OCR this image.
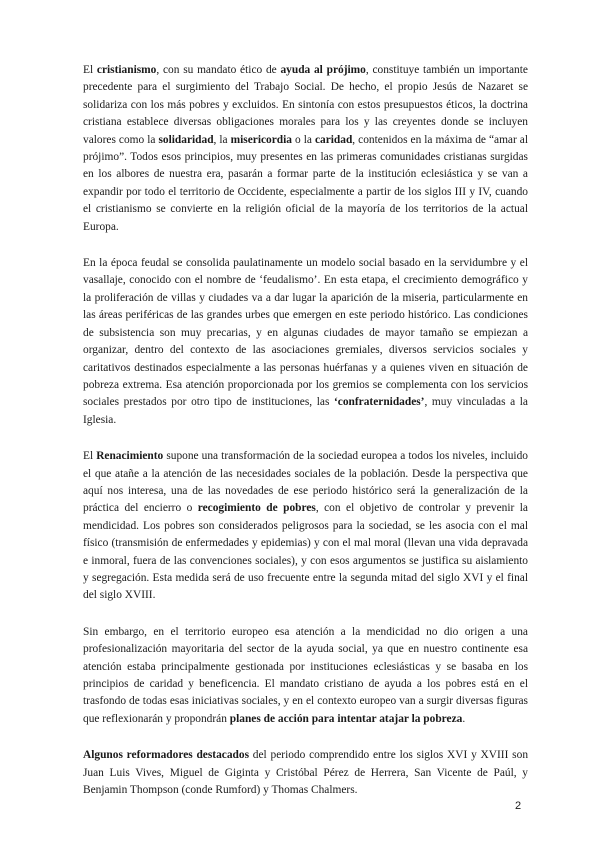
El cristianismo, con su mandato ético de ayuda al prójimo, constituye también un importante precedente para el surgimiento del Trabajo Social. De hecho, el propio Jesús de Nazaret se solidariza con los más pobres y excluidos. En sintonía con estos presupuestos éticos, la doctrina cristiana establece diversas obligaciones morales para los y las creyentes donde se incluyen valores como la solidaridad, la misericordia o la caridad, contenidos en la máxima de “amar al prójimo”. Todos esos principios, muy presentes en las primeras comunidades cristianas surgidas en los albores de nuestra era, pasarán a formar parte de la institución eclesiástica y se van a expandir por todo el territorio de Occidente, especialmente a partir de los siglos III y IV, cuando el cristianismo se convierte en la religión oficial de la mayoría de los territorios de la actual Europa.

En la época feudal se consolida paulatinamente un modelo social basado en la servidumbre y el vasallaje, conocido con el nombre de ‘feudalismo’. En esta etapa, el crecimiento demográfico y la proliferación de villas y ciudades va a dar lugar la aparición de la miseria, particularmente en las áreas periféricas de las grandes urbes que emergen en este periodo histórico. Las condiciones de subsistencia son muy precarias, y en algunas ciudades de mayor tamaño se empiezan a organizar, dentro del contexto de las asociaciones gremiales, diversos servicios sociales y caritativos destinados especialmente a las personas huérfanas y a quienes viven en situación de pobreza extrema. Esa atención proporcionada por los gremios se complementa con los servicios sociales prestados por otro tipo de instituciones, las ‘confraternidades’, muy vinculadas a la Iglesia.

El Renacimiento supone una transformación de la sociedad europea a todos los niveles, incluido el que atañe a la atención de las necesidades sociales de la población. Desde la perspectiva que aquí nos interesa, una de las novedades de ese periodo histórico será la generalización de la práctica del encierro o recogimiento de pobres, con el objetivo de controlar y prevenir la mendicidad. Los pobres son considerados peligrosos para la sociedad, se les asocia con el mal físico (transmisión de enfermedades y epidemias) y con el mal moral (llevan una vida depravada e inmoral, fuera de las convenciones sociales), y con esos argumentos se justifica su aislamiento y segregación. Esta medida será de uso frecuente entre la segunda mitad del siglo XVI y el final del siglo XVIII.

Sin embargo, en el territorio europeo esa atención a la mendicidad no dio origen a una profesionalización mayoritaria del sector de la ayuda social, ya que en nuestro continente esa atención estaba principalmente gestionada por instituciones eclesiásticas y se basaba en los principios de caridad y beneficencia. El mandato cristiano de ayuda a los pobres está en el trasfondo de todas esas iniciativas sociales, y en el contexto europeo van a surgir diversas figuras que reflexionarán y propondrán planes de acción para intentar atajar la pobreza.

Algunos reformadores destacados del periodo comprendido entre los siglos XVI y XVIII son Juan Luis Vives, Miguel de Giginta y Cristóbal Pérez de Herrera, San Vicente de Paúl, y Benjamin Thompson (conde Rumford) y Thomas Chalmers.

2
